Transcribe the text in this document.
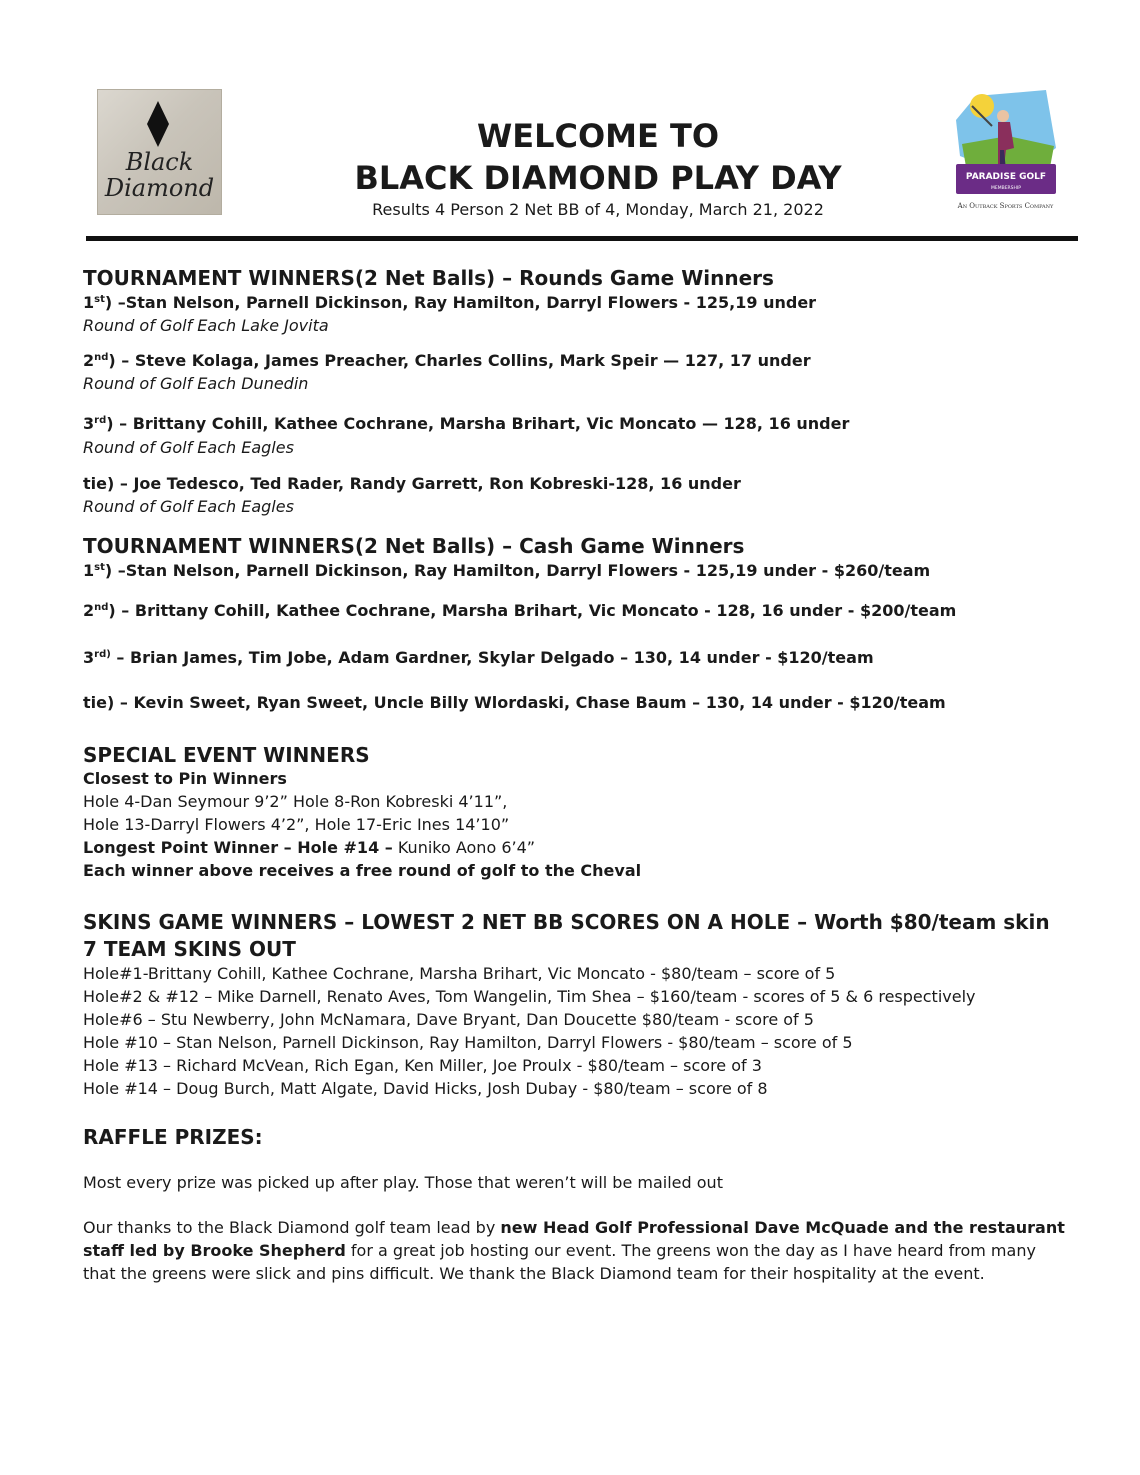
Black
Diamond
WELCOME TO
BLACK DIAMOND PLAY DAY
Results 4 Person 2 Net BB of 4, Monday, March 21, 2022
PARADISE GOLF
MEMBERSHIP
An Outback Sports Company
TOURNAMENT WINNERS(2 Net Balls) – Rounds Game Winners
1st) –Stan Nelson, Parnell Dickinson, Ray Hamilton, Darryl Flowers - 125,19 under
Round of Golf Each Lake Jovita
2nd) – Steve Kolaga, James Preacher, Charles Collins, Mark Speir — 127, 17 under
Round of Golf Each Dunedin
3rd) – Brittany Cohill, Kathee Cochrane, Marsha Brihart, Vic Moncato — 128, 16 under
Round of Golf Each Eagles
tie) – Joe Tedesco, Ted Rader, Randy Garrett, Ron Kobreski-128, 16 under
Round of Golf Each Eagles
TOURNAMENT WINNERS(2 Net Balls) – Cash Game Winners
1st) –Stan Nelson, Parnell Dickinson, Ray Hamilton, Darryl Flowers - 125,19 under - $260/team
2nd) – Brittany Cohill, Kathee Cochrane, Marsha Brihart, Vic Moncato - 128, 16 under - $200/team
$3^{rd)}$ – Brian James, Tim Jobe, Adam Gardner, Skylar Delgado – 130, 14 under - $120/team
tie) – Kevin Sweet, Ryan Sweet, Uncle Billy Wlordaski, Chase Baum – 130, 14 under - $120/team
SPECIAL EVENT WINNERS
Closest to Pin Winners
Hole 4-Dan Seymour 9’2” Hole 8-Ron Kobreski 4’11”,
Hole 13-Darryl Flowers 4’2”, Hole 17-Eric Ines 14’10”
Longest Point Winner – Hole #14 – Kuniko Aono 6’4”
Each winner above receives a free round of golf to the Cheval
SKINS GAME WINNERS – LOWEST 2 NET BB SCORES ON A HOLE – Worth $80/team skin
7 TEAM SKINS OUT
Hole#1-Brittany Cohill, Kathee Cochrane, Marsha Brihart, Vic Moncato - $80/team – score of 5
Hole#2 & #12 – Mike Darnell, Renato Aves, Tom Wangelin, Tim Shea – $160/team - scores of 5 & 6 respectively
Hole#6 – Stu Newberry, John McNamara, Dave Bryant, Dan Doucette $80/team - score of 5
Hole #10 – Stan Nelson, Parnell Dickinson, Ray Hamilton, Darryl Flowers - $80/team – score of 5
Hole #13 – Richard McVean, Rich Egan, Ken Miller, Joe Proulx - $80/team – score of 3
Hole #14 – Doug Burch, Matt Algate, David Hicks, Josh Dubay - $80/team – score of 8
RAFFLE PRIZES:
Most every prize was picked up after play. Those that weren’t will be mailed out
Our thanks to the Black Diamond golf team lead by new Head Golf Professional Dave McQuade and the restaurant staff led by Brooke Shepherd for a great job hosting our event. The greens won the day as I have heard from many that the greens were slick and pins difficult. We thank the Black Diamond team for their hospitality at the event.
